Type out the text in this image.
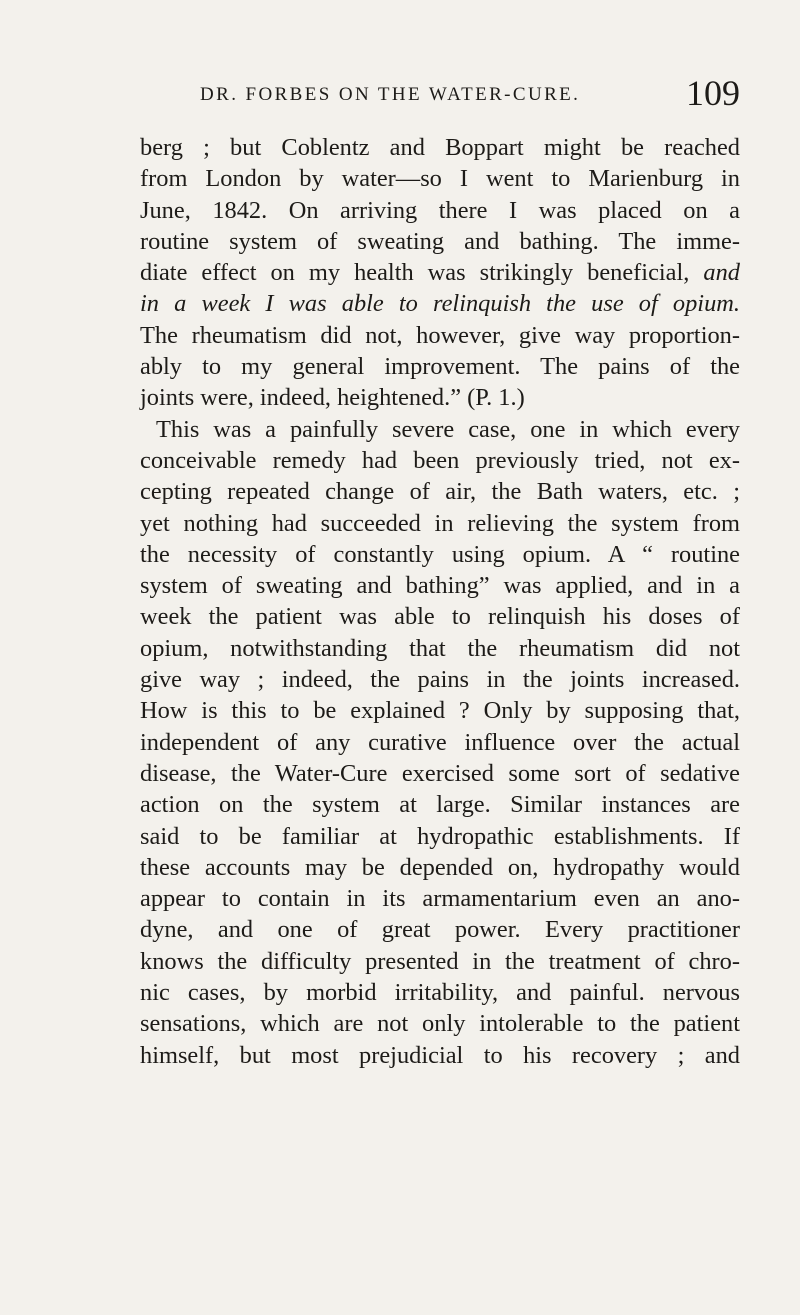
DR. FORBES ON THE WATER-CURE.	109
berg ; but Coblentz and Boppart might be reached
from London by water—so I went to Marienburg in
June, 1842. On arriving there I was placed on a
routine system of sweating and bathing. The imme-
diate effect on my health was strikingly beneficial, and
in a week I was able to relinquish the use of opium.
The rheumatism did not, however, give way proportion-
ably to my general improvement. The pains of the
joints were, indeed, heightened.” (P. 1.)
This was a painfully severe case, one in which every
conceivable remedy had been previously tried, not ex-
cepting repeated change of air, the Bath waters, etc. ;
yet nothing had succeeded in relieving the system from
the necessity of constantly using opium. A “ routine
system of sweating and bathing” was applied, and in a
week the patient was able to relinquish his doses of
opium, notwithstanding that the rheumatism did not
give way ; indeed, the pains in the joints increased.
How is this to be explained ? Only by supposing that,
independent of any curative influence over the actual
disease, the Water-Cure exercised some sort of sedative
action on the system at large. Similar instances are
said to be familiar at hydropathic establishments. If
these accounts may be depended on, hydropathy would
appear to contain in its armamentarium even an ano-
dyne, and one of great power. Every practitioner
knows the difficulty presented in the treatment of chro-
nic cases, by morbid irritability, and painful. nervous
sensations, which are not only intolerable to the patient
himself, but most prejudicial to his recovery ; and
